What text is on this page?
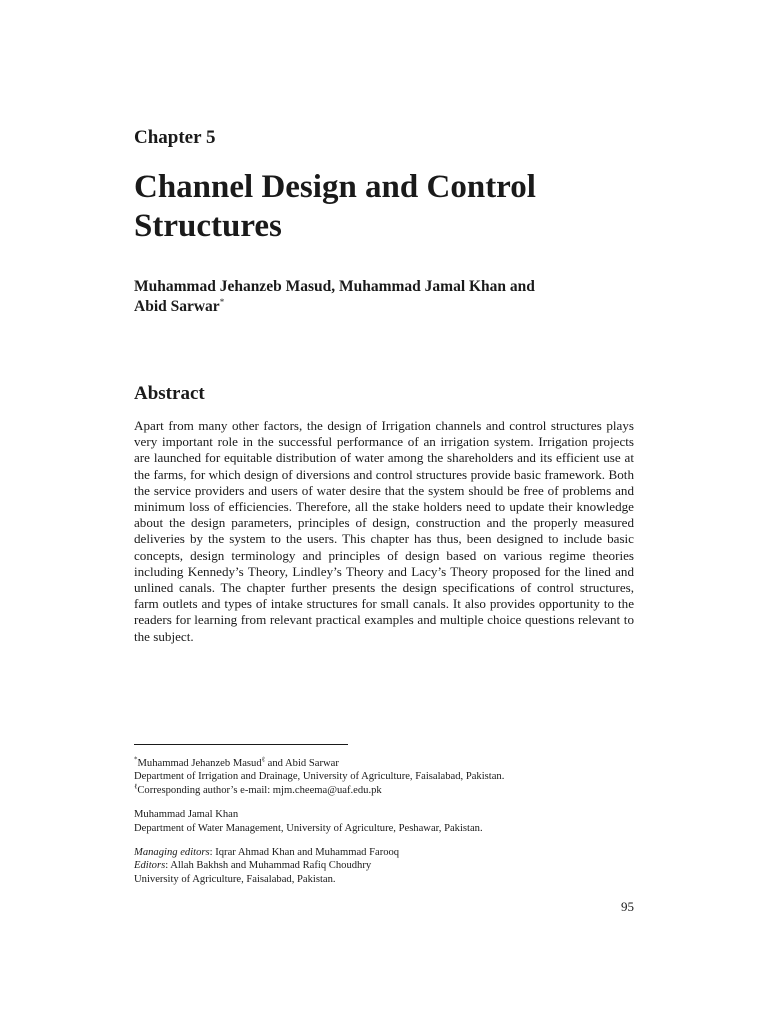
Chapter 5
Channel Design and Control Structures

Muhammad Jehanzeb Masud, Muhammad Jamal Khan and
Abid Sarwar*

Abstract

Apart from many other factors, the design of Irrigation channels and control structures plays very important role in the successful performance of an irrigation system. Irrigation projects are launched for equitable distribution of water among the shareholders and its efficient use at the farms, for which design of diversions and control structures provide basic framework. Both the service providers and users of water desire that the system should be free of problems and minimum loss of efficiencies. Therefore, all the stake holders need to update their knowledge about the design parameters, principles of design, construction and the properly measured deliveries by the system to the users. This chapter has thus, been designed to include basic concepts, design terminology and principles of design based on various regime theories including Kennedy’s Theory, Lindley’s Theory and Lacy’s Theory proposed for the lined and unlined canals. The chapter further presents the design specifications of control structures, farm outlets and types of intake structures for small canals. It also provides opportunity to the readers for learning from relevant practical examples and multiple choice questions relevant to the subject.

*Muhammad Jehanzeb Masud$^\ell$ and Abid Sarwar

Department of Irrigation and Drainage, University of Agriculture, Faisalabad, Pakistan.

$^\ell$Corresponding author’s e-mail: mjm.cheema@uaf.edu.pk

Muhammad Jamal Khan

Department of Water Management, University of Agriculture, Peshawar, Pakistan.

Managing editors: Iqrar Ahmad Khan and Muhammad Farooq

Editors: Allah Bakhsh and Muhammad Rafiq Choudhry

University of Agriculture, Faisalabad, Pakistan.

95
